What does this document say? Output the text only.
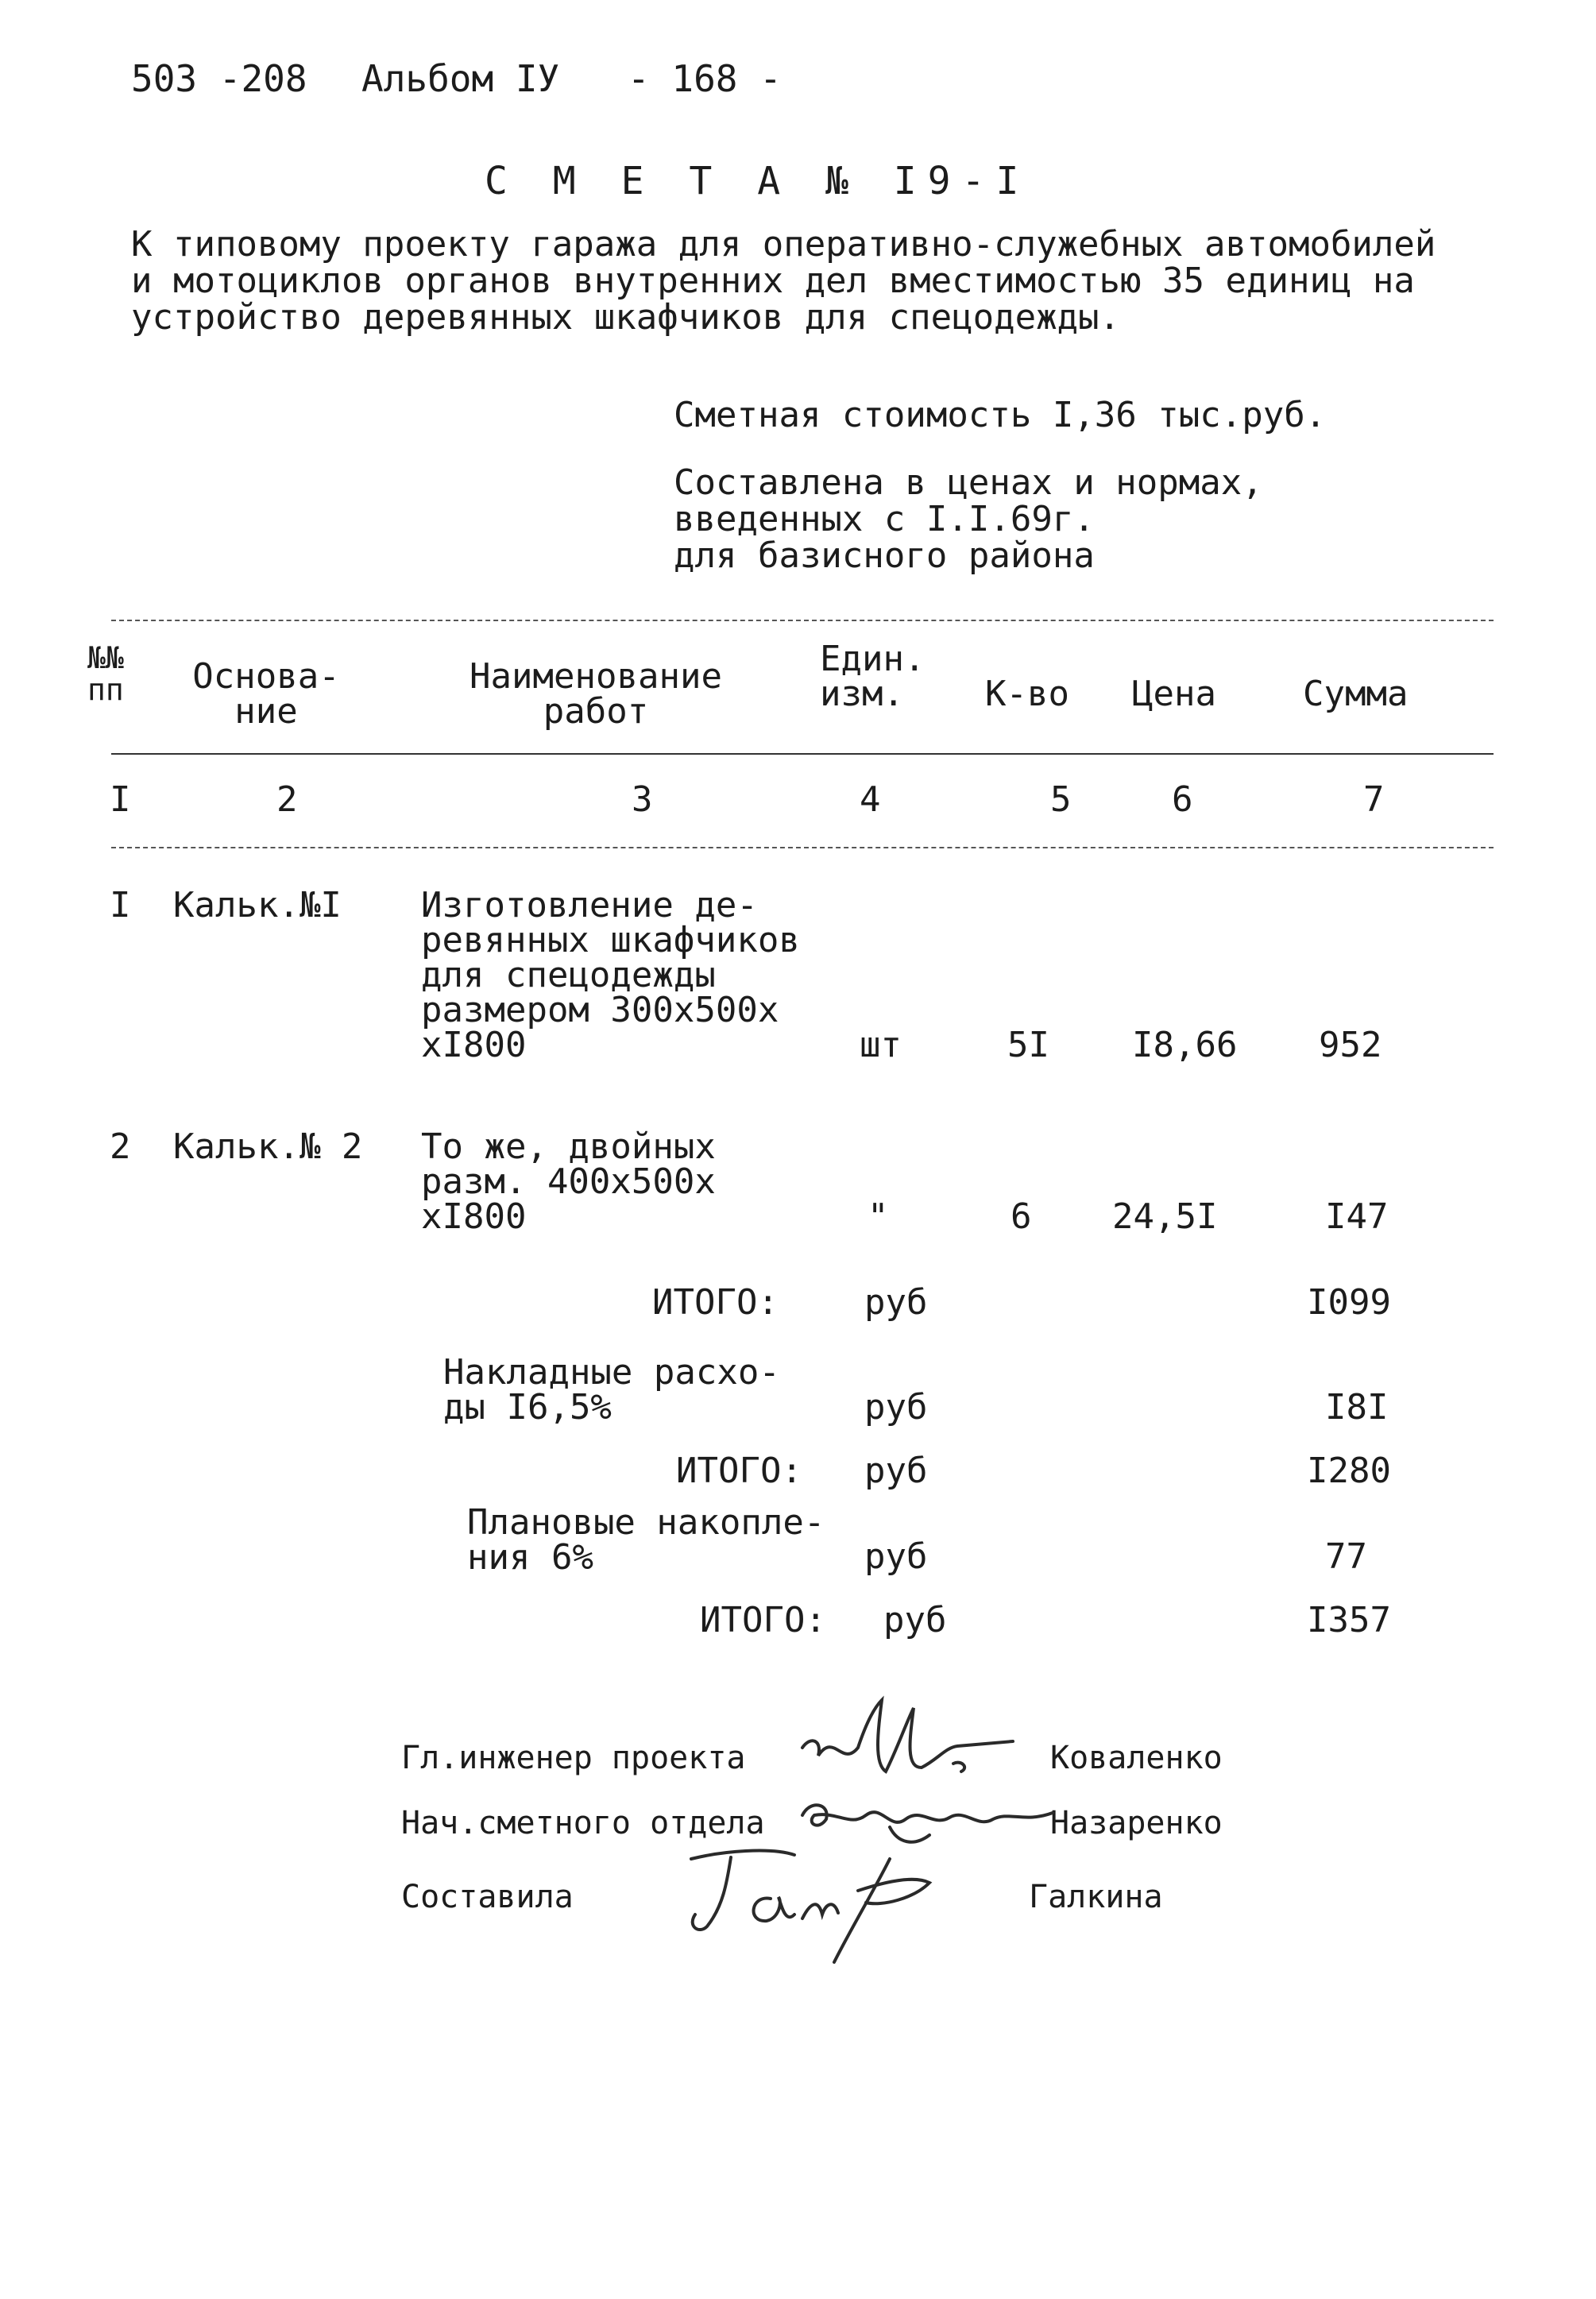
503 -208 Альбом IУ - 168 -
С М Е Т А № I9-I
К типовому проекту гаража для оперативно-служебных автомобилей
и мотоциклов органов внутренних дел вместимостью 35 единиц на
устройство деревянных шкафчиков для спецодежды.
Сметная стоимость I,36 тыс.руб.
Составлена в ценах и нормах,
введенных с I.I.69г.
для базисного района
№№
пп Основа-
ние
Наименование
работ
Един.
изм.	К-во Цена Сумма
I	2	3	4	5	6	7
I Кальк.№I Изготовление де-
ревянных шкафчиков
для спецодежды
размером 300х500х
хI800	шт	5I I8,66 952
2 Кальк.№ 2 То же, двойных
разм. 400х500х
хI800	"	6 24,5I	I47
ИТОГО: руб	I099
Накладные расхо-
ды I6,5%	руб	I8I
ИТОГО: руб	I280
Плановые накопле-
ния 6%	руб	77
ИТОГО: руб	I357
Гл.инженер проекта	Коваленко
Нач.сметного отдела	Назаренко
Составила	Галкина
